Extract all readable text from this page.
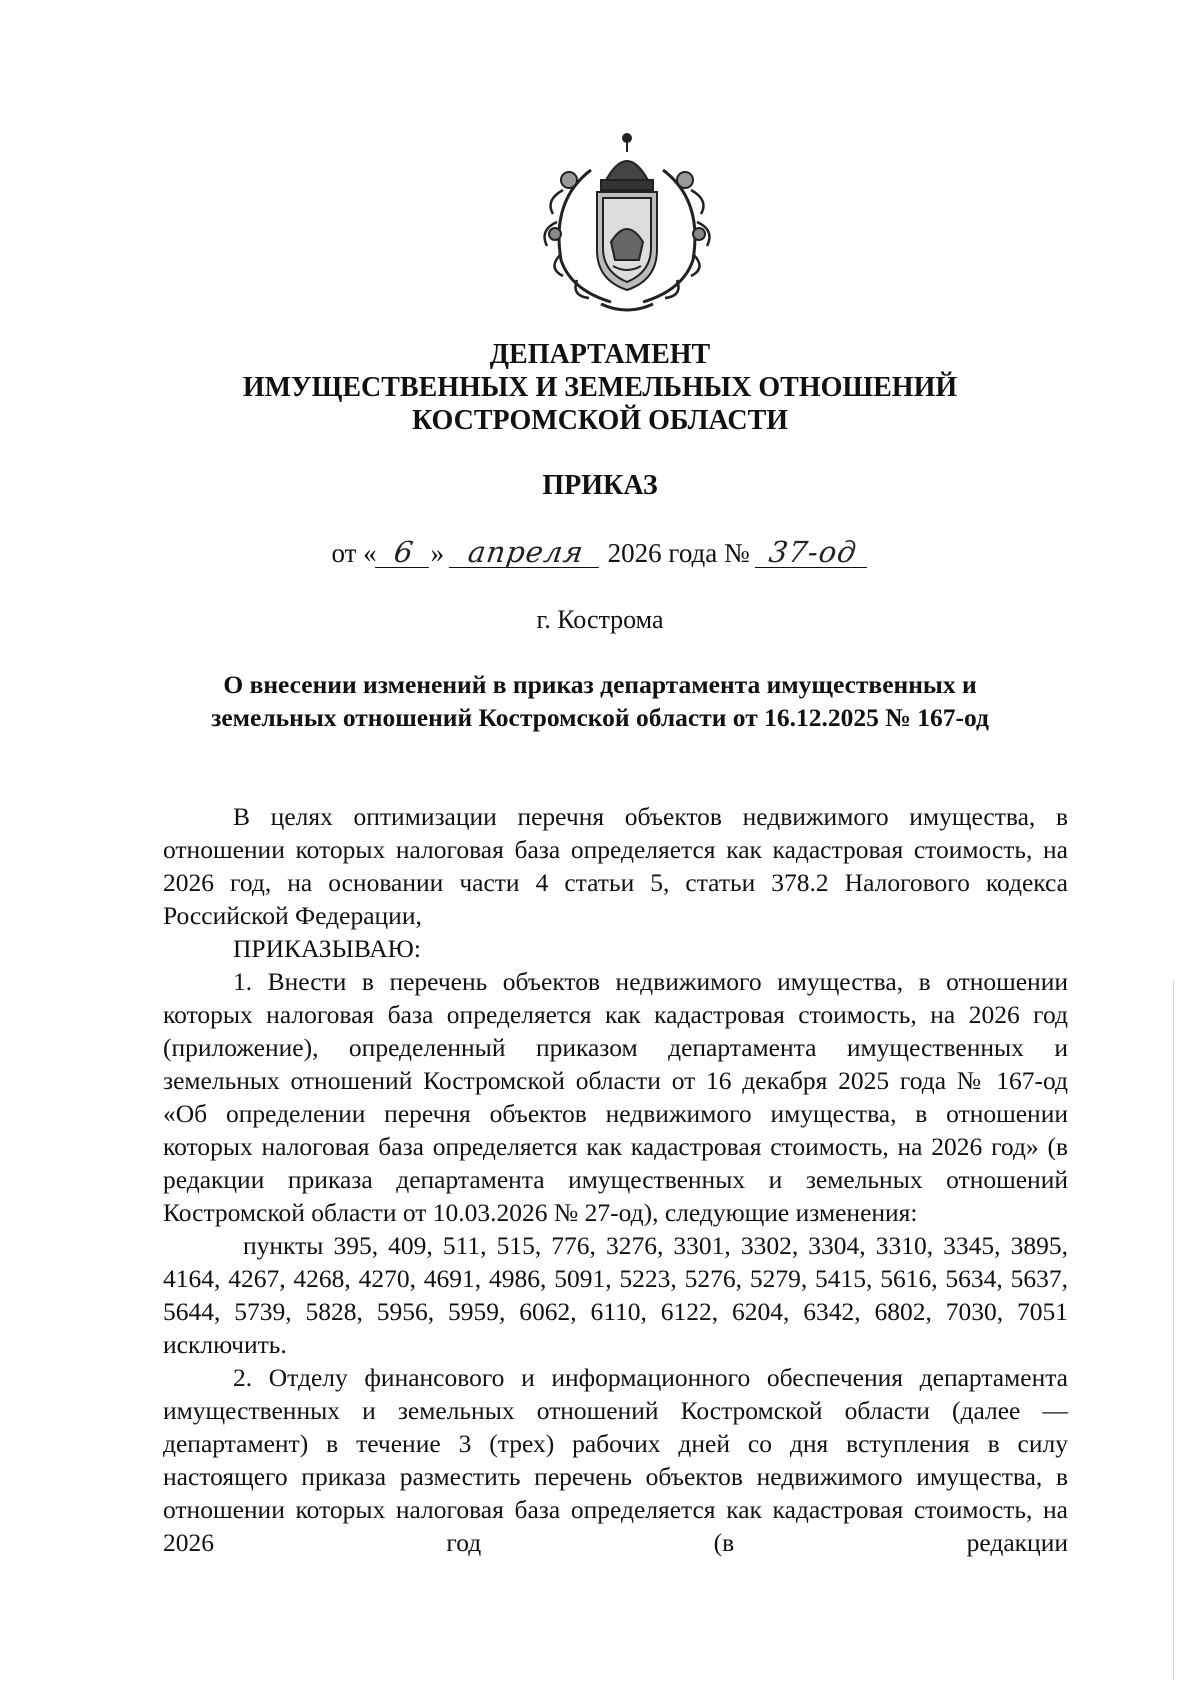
ДЕПАРТАМЕНТ
ИМУЩЕСТВЕННЫХ И ЗЕМЕЛЬНЫХ ОТНОШЕНИЙ
КОСТРОМСКОЙ ОБЛАСТИ
ПРИКАЗ
от « 6 » апреля 2026 года № 37-од
г. Кострома
О внесении изменений в приказ департамента имущественных и
земельных отношений Костромской области от 16.12.2025 № 167-од

В целях оптимизации перечня объектов недвижимого имущества, в отношении которых налоговая база определяется как кадастровая стоимость, на 2026 год, на основании части 4 статьи 5, статьи 378.2 Налогового кодекса Российской Федерации,

ПРИКАЗЫВАЮ:

1. Внести в перечень объектов недвижимого имущества, в отношении которых налоговая база определяется как кадастровая стоимость, на 2026 год (приложение), определенный приказом департамента имущественных и земельных отношений Костромской области от 16 декабря 2025 года № 167-од «Об определении перечня объектов недвижимого имущества, в отношении которых налоговая база определяется как кадастровая стоимость, на 2026 год» (в редакции приказа департамента имущественных и земельных отношений Костромской области от 10.03.2026 № 27-од), следующие изменения:

пункты 395, 409, 511, 515, 776, 3276, 3301, 3302, 3304, 3310, 3345, 3895, 4164, 4267, 4268, 4270, 4691, 4986, 5091, 5223, 5276, 5279, 5415, 5616, 5634, 5637, 5644, 5739, 5828, 5956, 5959, 6062, 6110, 6122, 6204, 6342, 6802, 7030, 7051 исключить.

2. Отделу финансового и информационного обеспечения департамента имущественных и земельных отношений Костромской области (далее — департамент) в течение 3 (трех) рабочих дней со дня вступления в силу настоящего приказа разместить перечень объектов недвижимого имущества, в отношении которых налоговая база определяется как кадастровая стоимость, на 2026 год (в редакции
